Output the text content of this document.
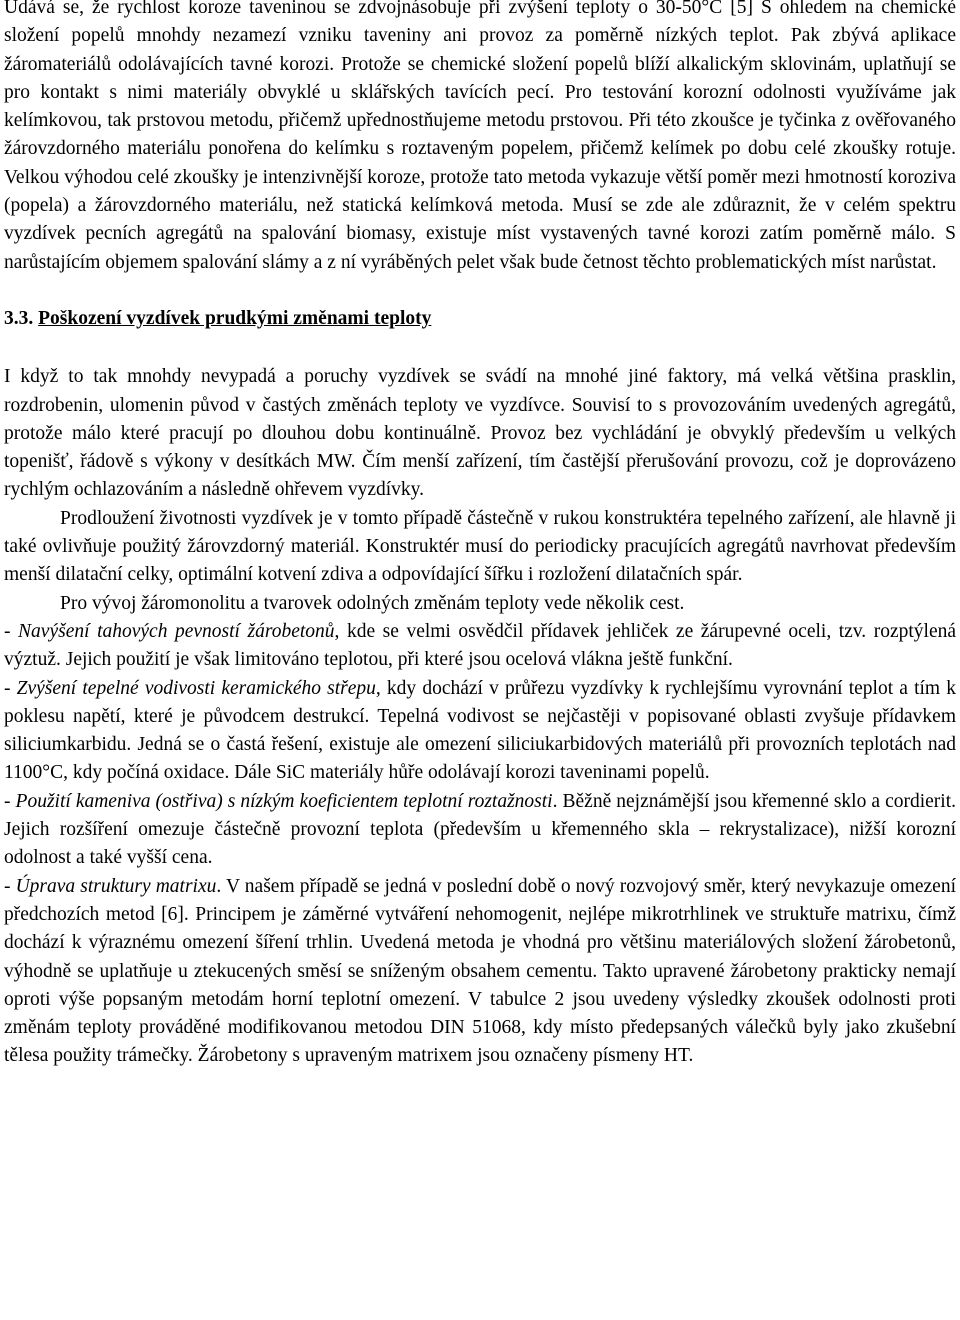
Udává se, že rychlost koroze taveninou se zdvojnásobuje při zvýšení teploty o 30-50°C [5] S ohledem na chemické složení popelů mnohdy nezamezí vzniku taveniny ani provoz za poměrně nízkých teplot. Pak zbývá aplikace žáromateriálů odolávajících tavné korozi. Protože se chemické složení popelů blíží alkalickým sklovinám, uplatňují se pro kontakt s nimi materiály obvyklé u sklářských tavících pecí. Pro testování korozní odolnosti využíváme jak kelímkovou, tak prstovou metodu, přičemž upřednostňujeme metodu prstovou. Při této zkoušce je tyčinka z ověřovaného žárovzdorného materiálu ponořena do kelímku s roztaveným popelem, přičemž kelímek po dobu celé zkoušky rotuje. Velkou výhodou celé zkoušky je intenzivnější koroze, protože tato metoda vykazuje větší poměr mezi hmotností koroziva (popela) a žárovzdorného materiálu, než statická kelímková metoda. Musí se zde ale zdůraznit, že v celém spektru vyzdívek pecních agregátů na spalování biomasy, existuje míst vystavených tavné korozi zatím poměrně málo. S narůstajícím objemem spalování slámy a z ní vyráběných pelet však bude četnost těchto problematických míst narůstat.

3.3. Poškození vyzdívek prudkými změnami teploty

I když to tak mnohdy nevypadá a poruchy vyzdívek se svádí na mnohé jiné faktory, má velká většina prasklin, rozdrobenin, ulomenin původ v častých změnách teploty ve vyzdívce. Souvisí to s provozováním uvedených agregátů, protože málo které pracují po dlouhou dobu kontinuálně. Provoz bez vychládání je obvyklý především u velkých topenišť, řádově s výkony v desítkách MW. Čím menší zařízení, tím častější přerušování provozu, což je doprovázeno rychlým ochlazováním a následně ohřevem vyzdívky.

Prodloužení životnosti vyzdívek je v tomto případě částečně v rukou konstruktéra tepelného zařízení, ale hlavně ji také ovlivňuje použitý žárovzdorný materiál. Konstruktér musí do periodicky pracujících agregátů navrhovat především menší dilatační celky, optimální kotvení zdiva a odpovídající šířku i rozložení dilatačních spár.

Pro vývoj žáromonolitu a tvarovek odolných změnám teploty vede několik cest.

- Navýšení tahových pevností žárobetonů, kde se velmi osvědčil přídavek jehliček ze žárupevné oceli, tzv. rozptýlená výztuž. Jejich použití je však limitováno teplotou, při které jsou ocelová vlákna ještě funkční.

- Zvýšení tepelné vodivosti keramického střepu, kdy dochází v průřezu vyzdívky k rychlejšímu vyrovnání teplot a tím k poklesu napětí, které je původcem destrukcí. Tepelná vodivost se nejčastěji v popisované oblasti zvyšuje přídavkem siliciumkarbidu. Jedná se o častá řešení, existuje ale omezení siliciukarbidových materiálů při provozních teplotách nad 1100°C, kdy počíná oxidace. Dále SiC materiály hůře odolávají korozi taveninami popelů.

- Použití kameniva (ostřiva) s nízkým koeficientem teplotní roztažnosti. Běžně nejznámější jsou křemenné sklo a cordierit. Jejich rozšíření omezuje částečně provozní teplota (především u křemenného skla – rekrystalizace), nižší korozní odolnost a také vyšší cena.

- Úprava struktury matrixu. V našem případě se jedná v poslední době o nový rozvojový směr, který nevykazuje omezení předchozích metod [6]. Principem je záměrné vytváření nehomogenit, nejlépe mikrotrhlinek ve struktuře matrixu, čímž dochází k výraznému omezení šíření trhlin. Uvedená metoda je vhodná pro většinu materiálových složení žárobetonů, výhodně se uplatňuje u ztekucených směsí se sníženým obsahem cementu. Takto upravené žárobetony prakticky nemají oproti výše popsaným metodám horní teplotní omezení. V tabulce 2 jsou uvedeny výsledky zkoušek odolnosti proti změnám teploty prováděné modifikovanou metodou DIN 51068, kdy místo předepsaných válečků byly jako zkušební tělesa použity trámečky. Žárobetony s upraveným matrixem jsou označeny písmeny HT.
